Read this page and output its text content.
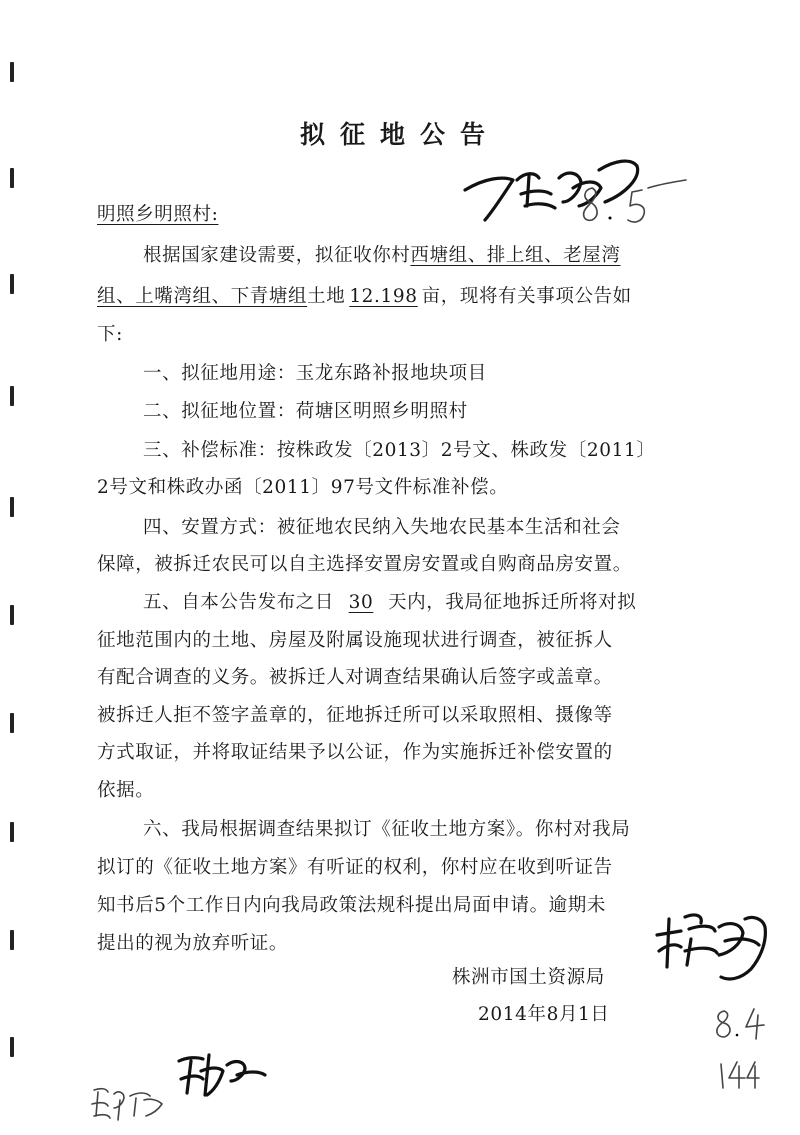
拟征地公告
明照乡明照村:
根据国家建设需要，拟征收你村西塘组、排上组、老屋湾
组、上嘴湾组、下青塘组土地 12.198 亩，现将有关事项公告如
下:
一、拟征地用途：玉龙东路补报地块项目
二、拟征地位置：荷塘区明照乡明照村
三、补偿标准：按株政发〔2013〕2号文、株政发〔2011〕
2号文和株政办函〔2011〕97号文件标准补偿。
四、安置方式：被征地农民纳入失地农民基本生活和社会
保障，被拆迁农民可以自主选择安置房安置或自购商品房安置。
五、自本公告发布之日 30 天内，我局征地拆迁所将对拟
征地范围内的土地、房屋及附属设施现状进行调查，被征拆人
有配合调查的义务。被拆迁人对调查结果确认后签字或盖章。
被拆迁人拒不签字盖章的，征地拆迁所可以采取照相、摄像等
方式取证，并将取证结果予以公证，作为实施拆迁补偿安置的
依据。
六、我局根据调查结果拟订《征收土地方案》。你村对我局
拟订的《征收土地方案》有听证的权利，你村应在收到听证告
知书后5个工作日内向我局政策法规科提出局面申请。逾期未
提出的视为放弃听证。
株洲市国土资源局
2014年8月1日
